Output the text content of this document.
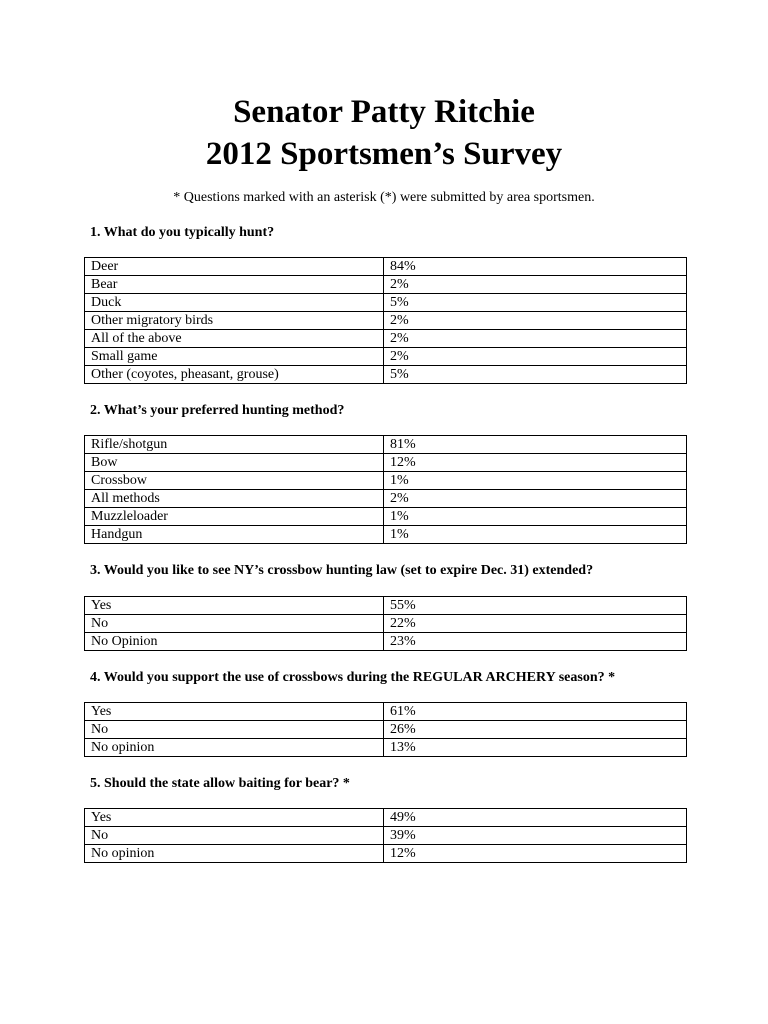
Senator Patty Ritchie
2012 Sportsmen’s Survey
* Questions marked with an asterisk (*) were submitted by area sportsmen.
1. What do you typically hunt?
Deer	84%
Bear	2%
Duck	5%
Other migratory birds	2%
All of the above	2%
Small game	2%
Other (coyotes, pheasant, grouse)	5%
2. What’s your preferred hunting method?
Rifle/shotgun	81%
Bow	12%
Crossbow	1%
All methods	2%
Muzzleloader	1%
Handgun	1%
3. Would you like to see NY’s crossbow hunting law (set to expire Dec. 31) extended?
Yes	55%
No	22%
No Opinion	23%
4. Would you support the use of crossbows during the REGULAR ARCHERY season? *
Yes	61%
No	26%
No opinion	13%
5. Should the state allow baiting for bear? *
Yes	49%
No	39%
No opinion	12%
